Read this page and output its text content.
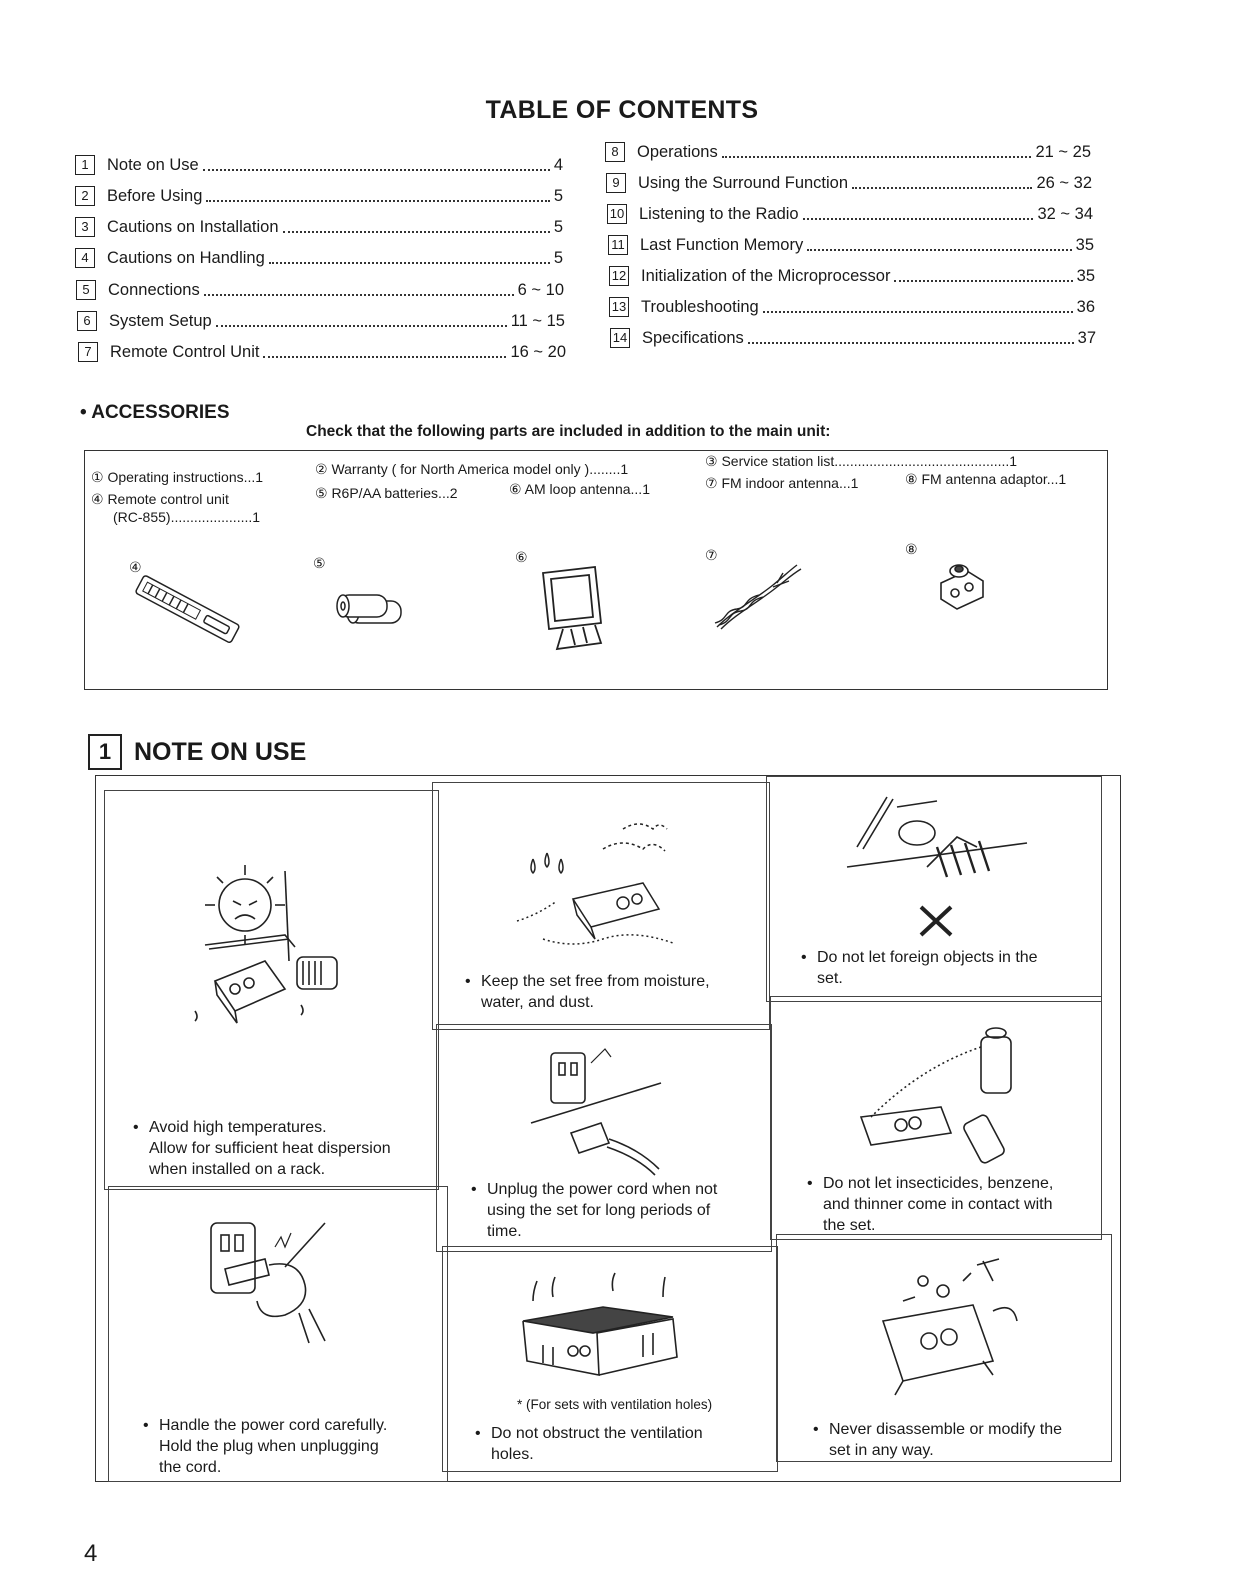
TABLE OF CONTENTS
1	Note on Use	4
2	Before Using	5
3	Cautions on Installation	5
4	Cautions on Handling	5
5	Connections	6 ~ 10
6	System Setup	11 ~ 15
7	Remote Control Unit	16 ~ 20
8	Operations	21 ~ 25
9	Using the Surround Function	26 ~ 32
10 Listening to the Radio	32 ~ 34
11 Last Function Memory	35
12 Initialization of the Microprocessor	35
13 Troubleshooting	36
14 Specifications	37
• ACCESSORIES
Check that the following parts are included in addition to the main unit:
① Operating instructions...1	② Warranty ( for North America model only )........1	③ Service station list.............................................1
④ Remote control unit
(RC-855).....................1
⑤ R6P/AA batteries...2	⑥ AM loop antenna...1	⑦ FM indoor antenna...1	⑧ FM antenna adaptor...1
④	⑤	⑥	⑦	⑧
1 NOTE ON USE
• Avoid high temperatures.
Allow for sufficient heat dispersion
when installed on a rack.
• Handle the power cord carefully.
Hold the plug when unplugging
the cord.
• Keep the set free from moisture,
water, and dust.
• Unplug the power cord when not
using the set for long periods of
time.
* (For sets with ventilation holes)
• Do not obstruct the ventilation
holes.
• Do not let foreign objects in the
set.
• Do not let insecticides, benzene,
and thinner come in contact with
the set.
• Never disassemble or modify the
set in any way.
4
